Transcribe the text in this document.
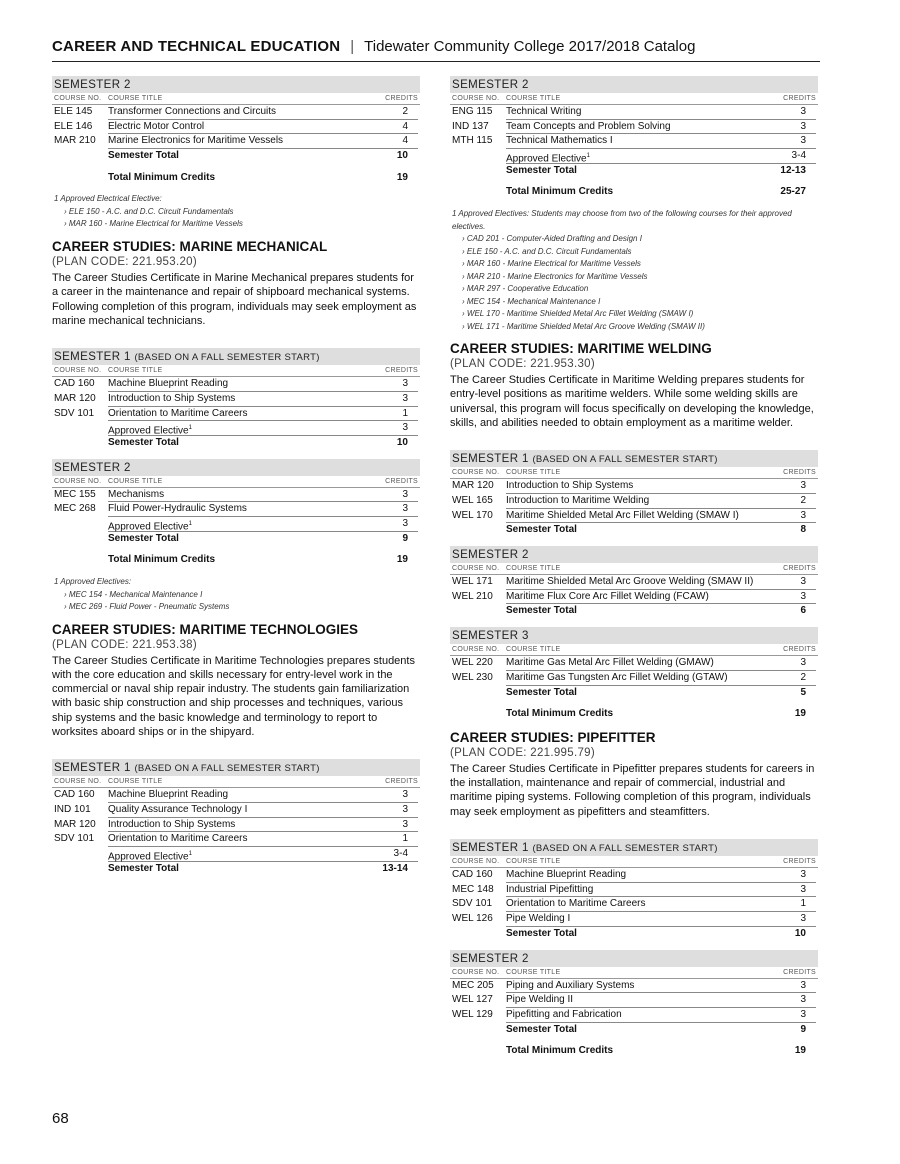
CAREER AND TECHNICAL EDUCATION | Tidewater Community College 2017/2018 Catalog
SEMESTER 2
COURSE NO. COURSE TITLE	CREDITS
ELE 145	Transformer Connections and Circuits	2
ELE 146	Electric Motor Control	4
MAR 210	Marine Electronics for Maritime Vessels	4
Semester Total	10
Total Minimum Credits	19
1 Approved Electrical Elective:
› ELE 150 - A.C. and D.C. Circuit Fundamentals
› MAR 160 - Marine Electrical for Maritime Vessels
CAREER STUDIES: MARINE MECHANICAL
(PLAN CODE: 221.953.20)
The Career Studies Certificate in Marine Mechanical prepares students for a career in the maintenance and repair of shipboard mechanical systems. Following completion of this program, individuals may seek employment as marine mechanical technicians.
SEMESTER 1 (BASED ON A FALL SEMESTER START)
COURSE NO. COURSE TITLE	CREDITS
CAD 160	Machine Blueprint Reading	3
MAR 120	Introduction to Ship Systems	3
SDV 101	Orientation to Maritime Careers	1
Approved Elective$^1$	3
Semester Total	10
SEMESTER 2
COURSE NO. COURSE TITLE	CREDITS
MEC 155	Mechanisms	3
MEC 268	Fluid Power-Hydraulic Systems	3
Approved Elective$^1$	3
Semester Total	9
Total Minimum Credits	19
1 Approved Electives:
› MEC 154 - Mechanical Maintenance I
› MEC 269 - Fluid Power - Pneumatic Systems
CAREER STUDIES: MARITIME TECHNOLOGIES
(PLAN CODE: 221.953.38)
The Career Studies Certificate in Maritime Technologies prepares students with the core education and skills necessary for entry-level work in the commercial or naval ship repair industry. The students gain familiarization with basic ship construction and ship processes and techniques, various ship systems and the basic knowledge and terminology to report to worksites aboard ships or in the shipyard.
SEMESTER 1 (BASED ON A FALL SEMESTER START)
COURSE NO. COURSE TITLE	CREDITS
CAD 160	Machine Blueprint Reading	3
IND 101	Quality Assurance Technology I	3
MAR 120	Introduction to Ship Systems	3
SDV 101	Orientation to Maritime Careers	1
Approved Elective$^1$	3-4
Semester Total	13-14
SEMESTER 2
COURSE NO. COURSE TITLE	CREDITS
ENG 115	Technical Writing	3
IND 137	Team Concepts and Problem Solving	3
MTH 115	Technical Mathematics I	3
Approved Elective$^1$	3-4
Semester Total	12-13
Total Minimum Credits	25-27
1 Approved Electives: Students may choose from two of the following courses for their approved electives.
› CAD 201 - Computer-Aided Drafting and Design I
› ELE 150 - A.C. and D.C. Circuit Fundamentals
› MAR 160 - Marine Electrical for Maritime Vessels
› MAR 210 - Marine Electronics for Maritime Vessels
› MAR 297 - Cooperative Education
› MEC 154 - Mechanical Maintenance I
› WEL 170 - Maritime Shielded Metal Arc Fillet Welding (SMAW I)
› WEL 171 - Maritime Shielded Metal Arc Groove Welding (SMAW II)
CAREER STUDIES: MARITIME WELDING
(PLAN CODE: 221.953.30)
The Career Studies Certificate in Maritime Welding prepares students for entry-level positions as maritime welders. While some welding skills are universal, this program will focus specifically on developing the knowledge, skills, and abilities needed to obtain employment as a maritime welder.
SEMESTER 1 (BASED ON A FALL SEMESTER START)
COURSE NO. COURSE TITLE	CREDITS
MAR 120	Introduction to Ship Systems	3
WEL 165	Introduction to Maritime Welding	2
WEL 170	Maritime Shielded Metal Arc Fillet Welding (SMAW I)	3
Semester Total	8
SEMESTER 2
COURSE NO. COURSE TITLE	CREDITS
WEL 171	Maritime Shielded Metal Arc Groove Welding (SMAW II)	3
WEL 210	Maritime Flux Core Arc Fillet Welding (FCAW)	3
Semester Total	6
SEMESTER 3
COURSE NO. COURSE TITLE	CREDITS
WEL 220	Maritime Gas Metal Arc Fillet Welding (GMAW)	3
WEL 230	Maritime Gas Tungsten Arc Fillet Welding (GTAW)	2
Semester Total	5
Total Minimum Credits	19
CAREER STUDIES: PIPEFITTER
(PLAN CODE: 221.995.79)
The Career Studies Certificate in Pipefitter prepares students for careers in the installation, maintenance and repair of commercial, industrial and maritime piping systems. Following completion of this program, individuals may seek employment as pipefitters and steamfitters.
SEMESTER 1 (BASED ON A FALL SEMESTER START)
COURSE NO. COURSE TITLE	CREDITS
CAD 160	Machine Blueprint Reading	3
MEC 148	Industrial Pipefitting	3
SDV 101	Orientation to Maritime Careers	1
WEL 126	Pipe Welding I	3
Semester Total	10
SEMESTER 2
COURSE NO. COURSE TITLE	CREDITS
MEC 205	Piping and Auxiliary Systems	3
WEL 127	Pipe Welding II	3
WEL 129	Pipefitting and Fabrication	3
Semester Total	9
Total Minimum Credits	19
68
